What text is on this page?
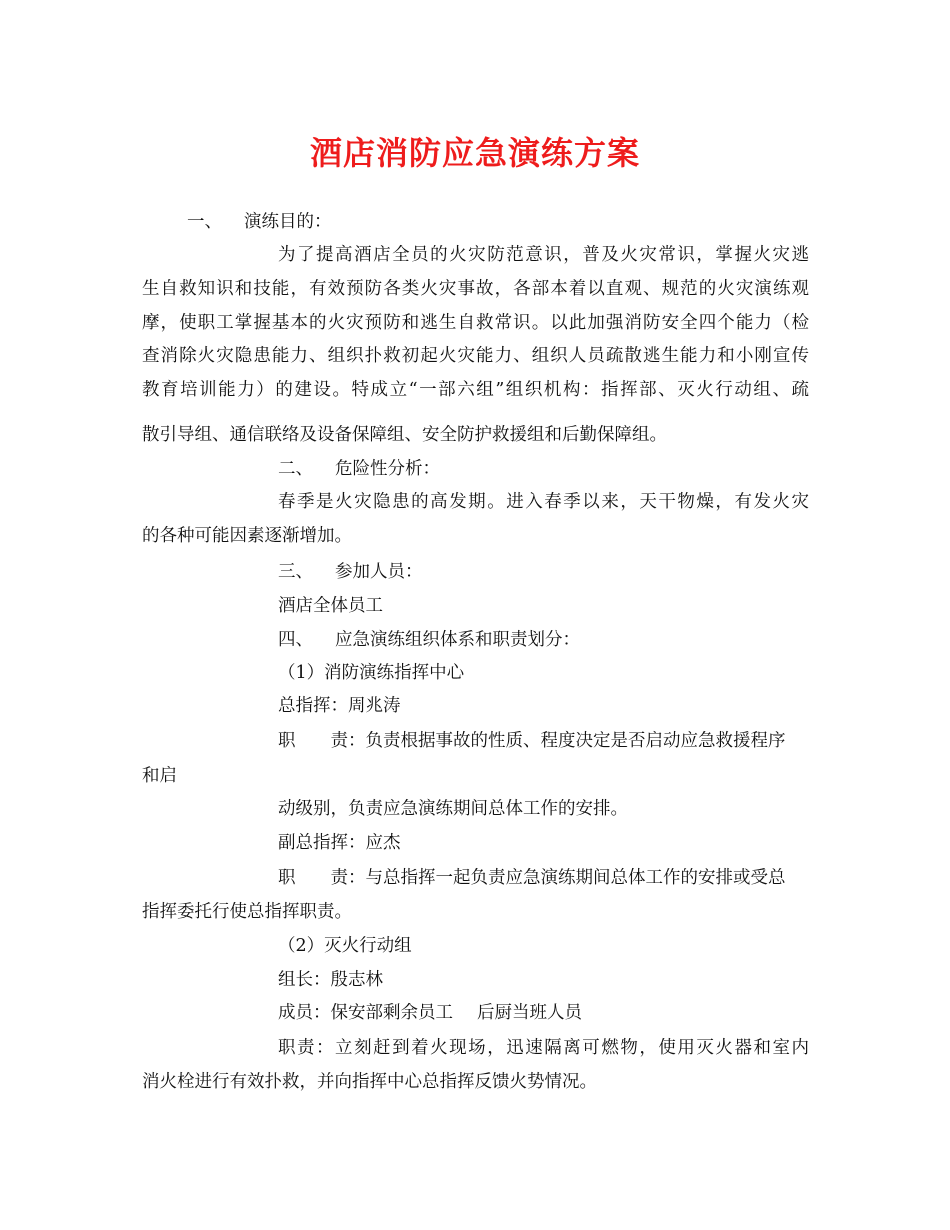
酒店消防应急演练方案
一、 演练目的：
为了提高酒店全员的火灾防范意识，普及火灾常识，掌握火灾逃
生自救知识和技能，有效预防各类火灾事故，各部本着以直观、规范的火灾演练观
摩，使职工掌握基本的火灾预防和逃生自救常识。以此加强消防安全四个能力（检
查消除火灾隐患能力、组织扑救初起火灾能力、组织人员疏散逃生能力和小刚宣传
教育培训能力）的建设。特成立“一部六组”组织机构：指挥部、灭火行动组、疏
散引导组、通信联络及设备保障组、安全防护救援组和后勤保障组。
二、 危险性分析：
春季是火灾隐患的高发期。进入春季以来，天干物燥，有发火灾
的各种可能因素逐渐增加。
三、 参加人员：
酒店全体员工
四、 应急演练组织体系和职责划分：
（1）消防演练指挥中心
总指挥：周兆涛
职　　责：负责根据事故的性质、程度决定是否启动应急救援程序
和启
动级别，负责应急演练期间总体工作的安排。
副总指挥：应杰
职　　责：与总指挥一起负责应急演练期间总体工作的安排或受总
指挥委托行使总指挥职责。
（2）灭火行动组
组长：殷志林
成员：保安部剩余员工 后厨当班人员
职责：立刻赶到着火现场，迅速隔离可燃物，使用灭火器和室内
消火栓进行有效扑救，并向指挥中心总指挥反馈火势情况。
